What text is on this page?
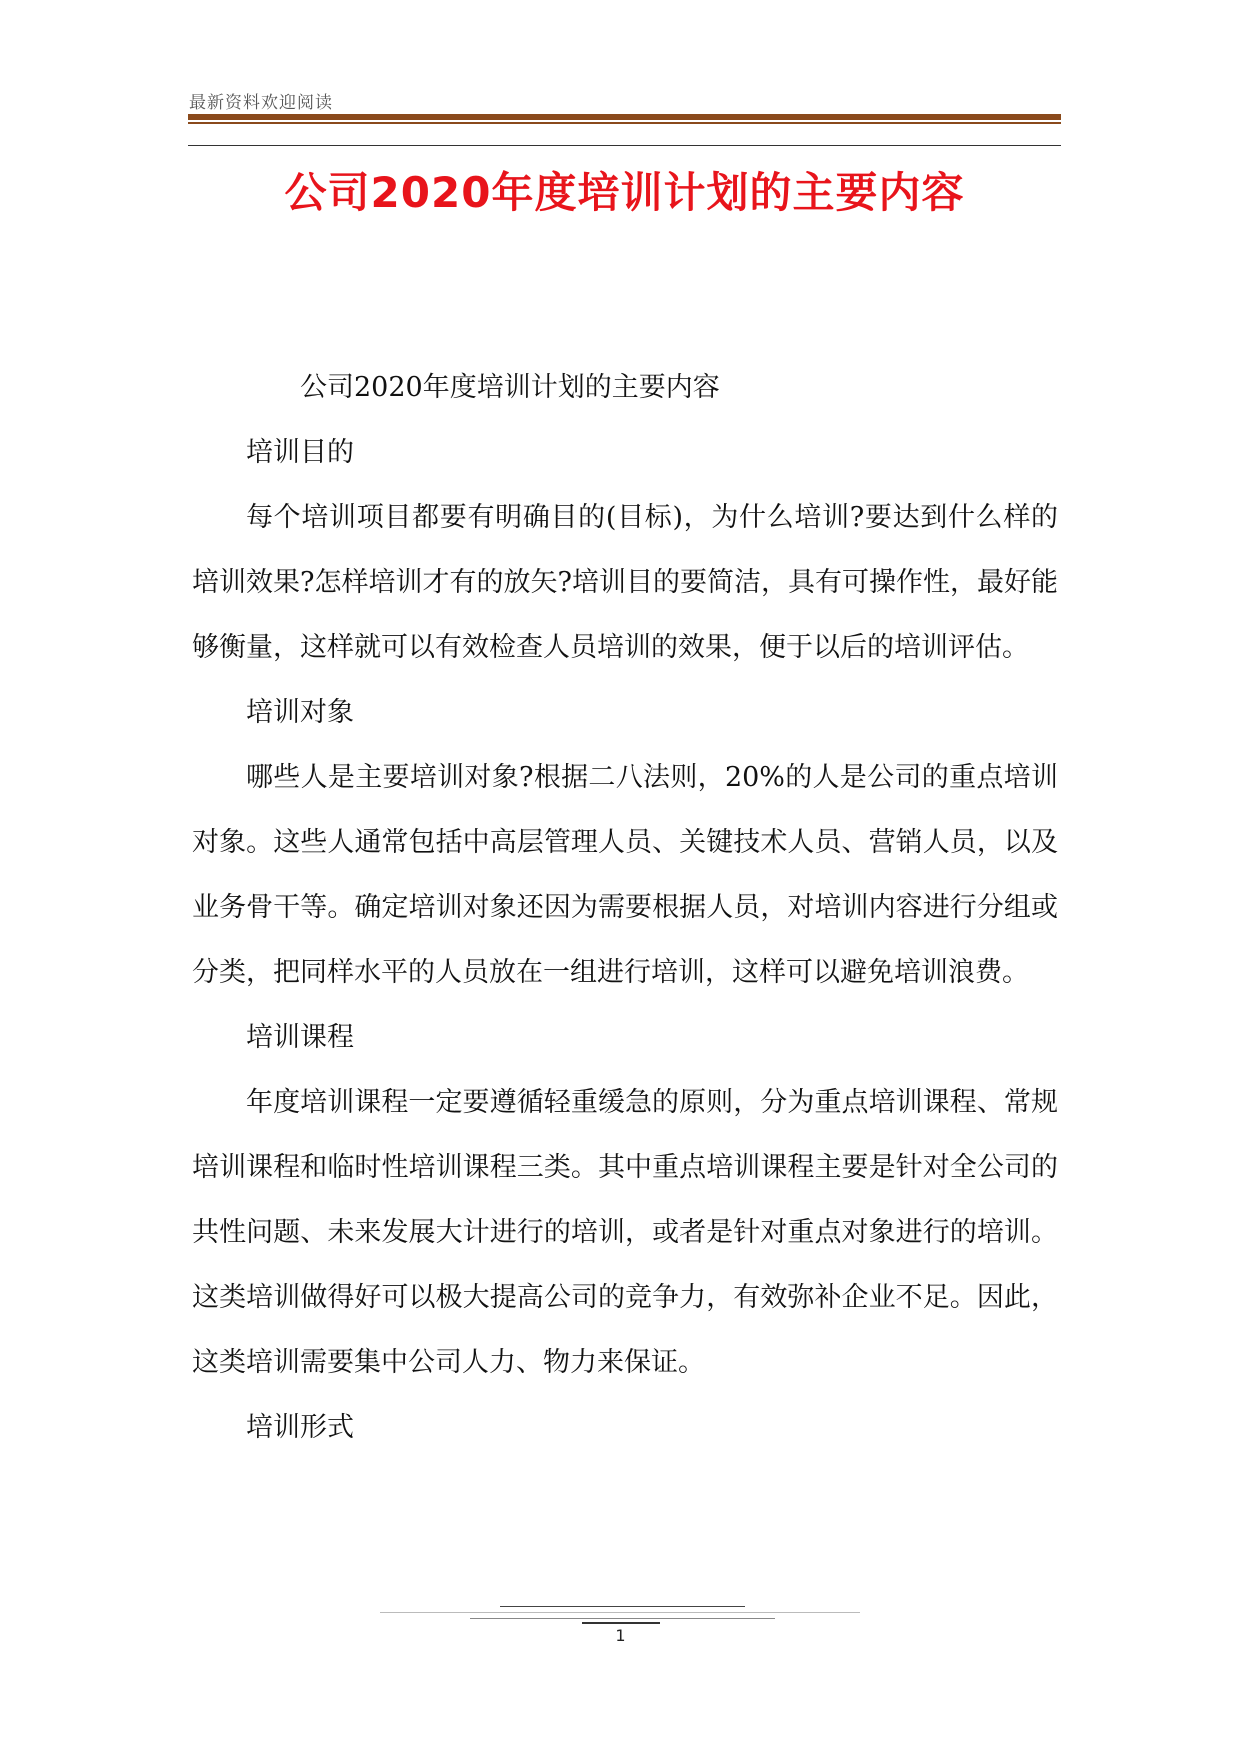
最新资料欢迎阅读
公司2020年度培训计划的主要内容

公司2020年度培训计划的主要内容

培训目的

每个培训项目都要有明确目的(目标)，为什么培训?要达到什么样的培训效果?怎样培训才有的放矢?培训目的要简洁，具有可操作性，最好能够衡量，这样就可以有效检查人员培训的效果，便于以后的培训评估。

培训对象

哪些人是主要培训对象?根据二八法则，20%的人是公司的重点培训对象。这些人通常包括中高层管理人员、关键技术人员、营销人员，以及业务骨干等。确定培训对象还因为需要根据人员，对培训内容进行分组或分类，把同样水平的人员放在一组进行培训，这样可以避免培训浪费。

培训课程

年度培训课程一定要遵循轻重缓急的原则，分为重点培训课程、常规培训课程和临时性培训课程三类。其中重点培训课程主要是针对全公司的共性问题、未来发展大计进行的培训，或者是针对重点对象进行的培训。这类培训做得好可以极大提高公司的竞争力，有效弥补企业不足。因此，这类培训需要集中公司人力、物力来保证。

培训形式

1
